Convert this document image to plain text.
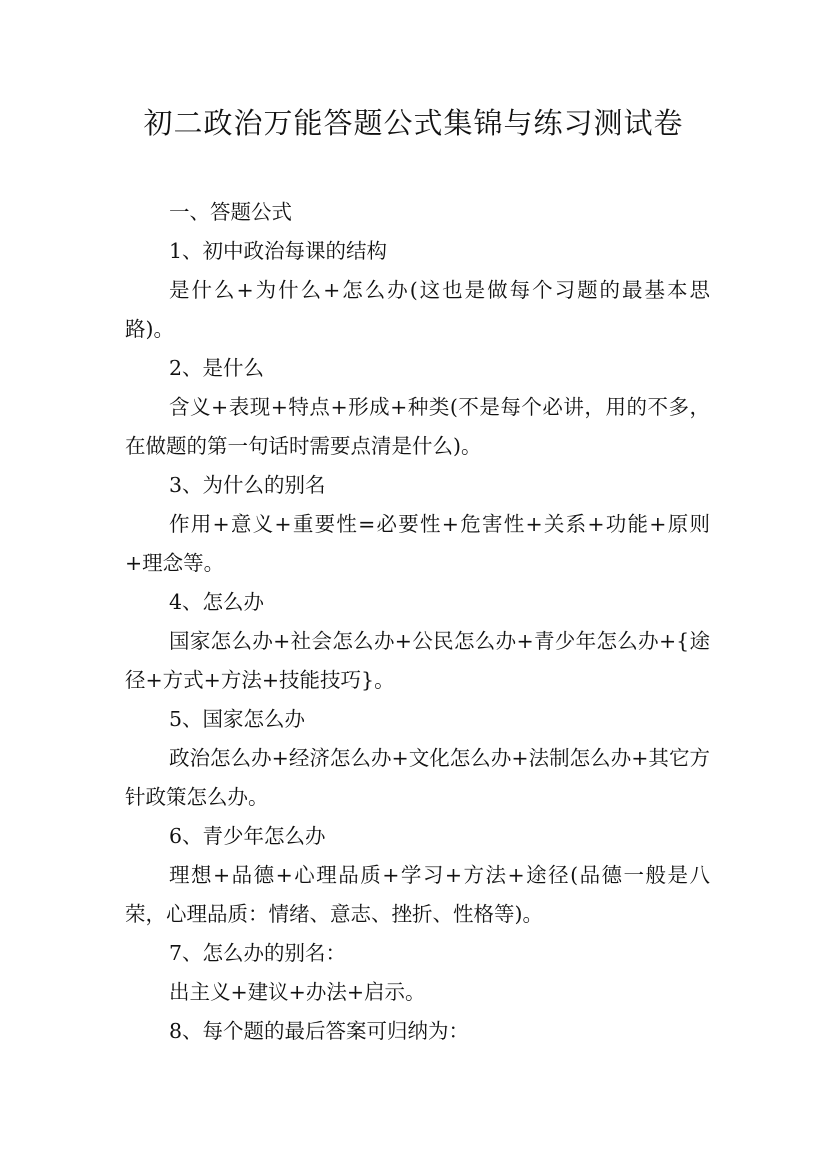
初二政治万能答题公式集锦与练习测试卷

一、答题公式

1、初中政治每课的结构

是什么+为什么+怎么办(这也是做每个习题的最基本思路)。

2、是什么

含义+表现+特点+形成+种类(不是每个必讲，用的不多，在做题的第一句话时需要点清是什么)。

3、为什么的别名

作用+意义+重要性=必要性+危害性+关系+功能+原则+理念等。

4、怎么办

国家怎么办+社会怎么办+公民怎么办+青少年怎么办+{途径+方式+方法+技能技巧}。

5、国家怎么办

政治怎么办+经济怎么办+文化怎么办+法制怎么办+其它方针政策怎么办。

6、青少年怎么办

理想+品德+心理品质+学习+方法+途径(品德一般是八荣，心理品质：情绪、意志、挫折、性格等)。

7、怎么办的别名：

出主义+建议+办法+启示。

8、每个题的最后答案可归纳为：
